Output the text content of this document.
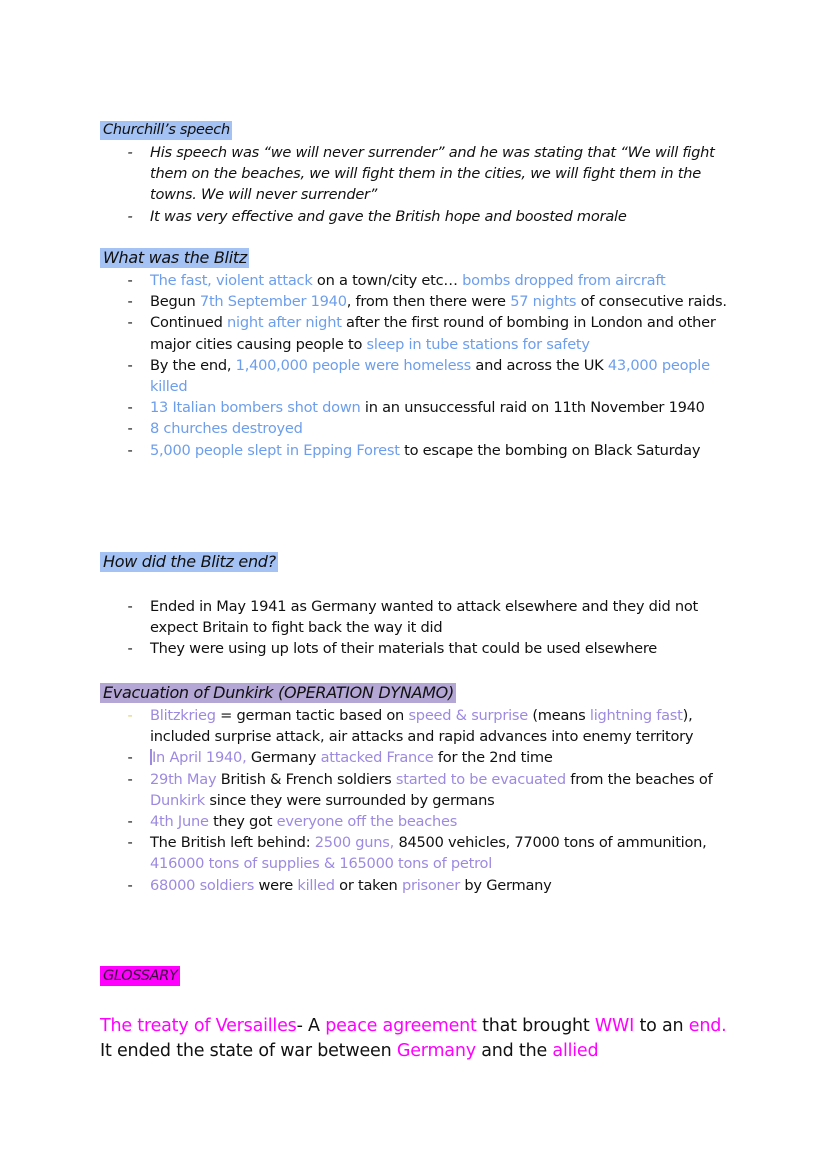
Churchill’s speech
- His speech was “we will never surrender” and he was stating that “We will fight them on the beaches, we will fight them in the cities, we will fight them in the towns. We will never surrender”
- It was very effective and gave the British hope and boosted morale
What was the Blitz
- The fast, violent attack on a town/city etc… bombs dropped from aircraft
- Begun 7th September 1940, from then there were 57 nights of consecutive raids.
- Continued night after night after the first round of bombing in London and other major cities causing people to sleep in tube stations for safety
- By the end, 1,400,000 people were homeless and across the UK 43,000 people killed
- 13 Italian bombers shot down in an unsuccessful raid on 11th November 1940
- 8 churches destroyed
- 5,000 people slept in Epping Forest to escape the bombing on Black Saturday
How did the Blitz end?
- Ended in May 1941 as Germany wanted to attack elsewhere and they did not expect Britain to fight back the way it did
- They were using up lots of their materials that could be used elsewhere
Evacuation of Dunkirk (OPERATION DYNAMO)
- Blitzkrieg = german tactic based on speed & surprise (means lightning fast), included surprise attack, air attacks and rapid advances into enemy territory
- In April 1940, Germany attacked France for the 2nd time
- 29th May British & French soldiers started to be evacuated from the beaches of Dunkirk since they were surrounded by germans
- 4th June they got everyone off the beaches
- The British left behind: 2500 guns, 84500 vehicles, 77000 tons of ammunition, 416000 tons of supplies & 165000 tons of petrol
- 68000 soldiers were killed or taken prisoner by Germany
GLOSSARY
The treaty of Versailles- A peace agreement that brought WWI to an end. It ended the state of war between Germany and the allied
